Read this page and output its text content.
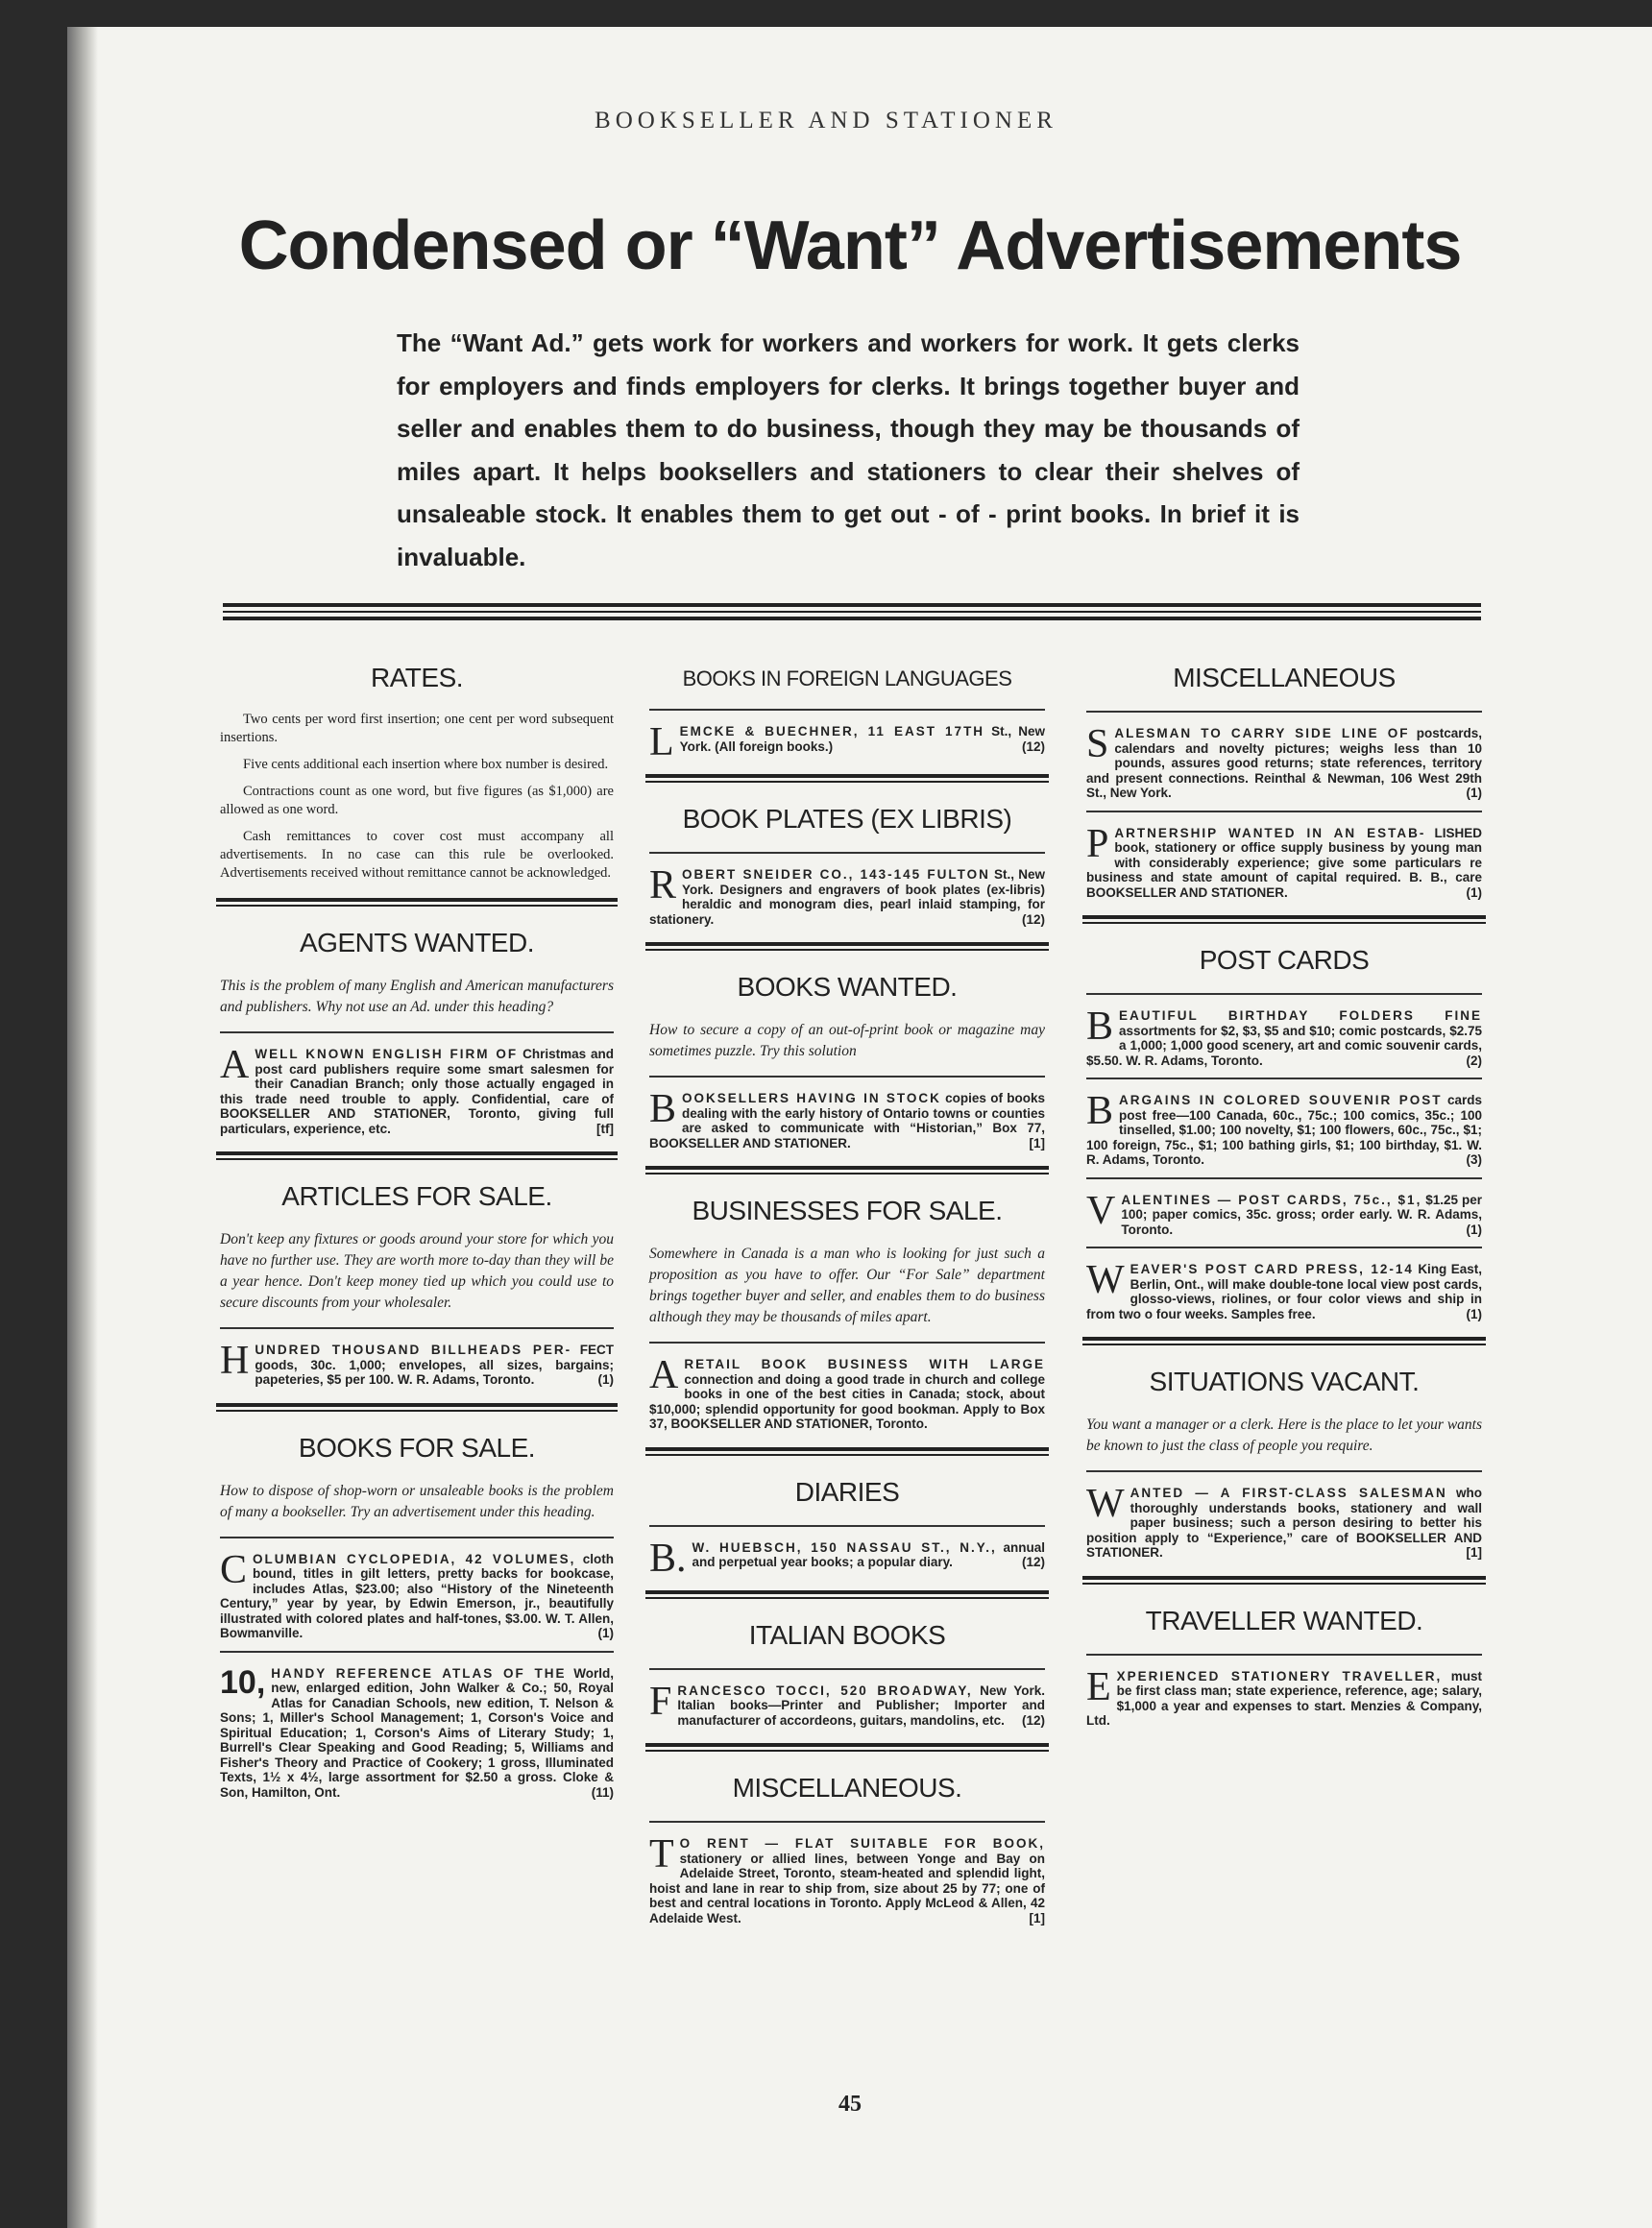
BOOKSELLER AND STATIONER
Condensed or “Want” Advertisements
The “Want Ad.” gets work for workers and workers for work. It gets clerks for employers and finds employers for clerks. It brings together buyer and seller and enables them to do business, though they may be thousands of miles apart. It helps booksellers and stationers to clear their shelves of unsaleable stock. It enables them to get out - of - print books. In brief it is invaluable.
RATES.

Two cents per word first insertion; one cent per word subsequent insertions.

Five cents additional each insertion where box number is desired.

Contractions count as one word, but five figures (as $1,000) are allowed as one word.

Cash remittances to cover cost must accompany all advertisements. In no case can this rule be overlooked. Advertisements received without remittance cannot be acknowledged.

AGENTS WANTED.

This is the problem of many English and American manufacturers and publishers. Why not use an Ad. under this heading?

AWELL KNOWN ENGLISH FIRM OF Christmas and post card publishers require some smart salesmen for their Canadian Branch; only those actually engaged in this trade need trouble to apply. Confidential, care of BOOKSELLER AND STATIONER, Toronto, giving full particulars, experience, etc.	[tf]
ARTICLES FOR SALE.

Don't keep any fixtures or goods around your store for which you have no further use. They are worth more to-day than they will be a year hence. Don't keep money tied up which you could use to secure discounts from your wholesaler.

HUNDRED THOUSAND BILLHEADS PER- FECT goods, 30c. 1,000; envelopes, all sizes, bargains; papeteries, $5 per 100. W. R. Adams, Toronto.	(1)
BOOKS FOR SALE.

How to dispose of shop-worn or unsaleable books is the problem of many a bookseller. Try an advertisement under this heading.

COLUMBIAN CYCLOPEDIA, 42 VOLUMES, cloth bound, titles in gilt letters, pretty backs for bookcase, includes Atlas, $23.00; also “History of the Nineteenth Century,” year by year, by Edwin Emerson, jr., beautifully illustrated with colored plates and half-tones, $3.00. W. T. Allen, Bowmanville.	(1)
10, HANDY REFERENCE ATLAS OF THE World, new, enlarged edition, John Walker & Co.; 50, Royal Atlas for Canadian Schools, new edition, T. Nelson & Sons; 1, Miller's School Management; 1, Corson's Voice and Spiritual Education; 1, Corson's Aims of Literary Study; 1, Burrell's Clear Speaking and Good Reading; 5, Williams and Fisher's Theory and Practice of Cookery; 1 gross, Illuminated Texts, 1½ x 4½, large assortment for $2.50 a gross. Cloke & Son, Hamilton, Ont.	(11)
BOOKS IN FOREIGN LANGUAGES
LEMCKE & BUECHNER, 11 EAST 17TH St., New York. (All foreign books.)	(12)
BOOK PLATES (EX LIBRIS)
ROBERT SNEIDER CO., 143-145 FULTON St., New York. Designers and engravers of book plates (ex-libris) heraldic and monogram dies, pearl inlaid stamping, for stationery.	(12)
BOOKS WANTED.

How to secure a copy of an out-of-print book or magazine may sometimes puzzle. Try this solution

BOOKSELLERS HAVING IN STOCK copies of books dealing with the early history of Ontario towns or counties are asked to communicate with “Historian,” Box 77, BOOKSELLER AND STATIONER.	[1]
BUSINESSES FOR SALE.

Somewhere in Canada is a man who is looking for just such a proposition as you have to offer. Our “For Sale” department brings together buyer and seller, and enables them to do business although they may be thousands of miles apart.

ARETAIL BOOK BUSINESS WITH LARGE connection and doing a good trade in church and college books in one of the best cities in Canada; stock, about $10,000; splendid opportunity for good bookman. Apply to Box 37, BOOKSELLER AND STATIONER, Toronto.
DIARIES
B. W. HUEBSCH, 150 NASSAU ST., N.Y., annual and perpetual year books; a popular diary.	(12)
ITALIAN BOOKS
FRANCESCO TOCCI, 520 BROADWAY, New York. Italian books—Printer and Publisher; Importer and manufacturer of accordeons, guitars, mandolins, etc. (12)
MISCELLANEOUS.
T O RENT — FLAT SUITABLE FOR BOOK, stationery or allied lines, between Yonge and Bay on Adelaide Street, Toronto, steam-heated and splendid light, hoist and lane in rear to ship from, size about 25 by 77; one of best and central locations in Toronto. Apply McLeod & Allen, 42 Adelaide West.	[1]
MISCELLANEOUS
SALESMAN TO CARRY SIDE LINE OF postcards, calendars and novelty pictures; weighs less than 10 pounds, assures good returns; state references, territory and present connections. Reinthal & Newman, 106 West 29th St., New York.	(1)
PARTNERSHIP WANTED IN AN ESTAB- LISHED book, stationery or office supply business by young man with considerably experience; give some particulars re business and state amount of capital required. B. B., care BOOKSELLER AND STATIONER.	(1)
POST CARDS
BEAUTIFUL BIRTHDAY FOLDERS FINE assortments for $2, $3, $5 and $10; comic postcards, $2.75 a 1,000; 1,000 good scenery, art and comic souvenir cards, $5.50. W. R. Adams, Toronto.	(2)
BARGAINS IN COLORED SOUVENIR POST cards post free—100 Canada, 60c., 75c.; 100 comics, 35c.; 100 tinselled, $1.00; 100 novelty, $1; 100 flowers, 60c., 75c., $1; 100 foreign, 75c., $1; 100 bathing girls, $1; 100 birthday, $1. W. R. Adams, Toronto.	(3)
VALENTINES — POST CARDS, 75c., $1, $1.25 per 100; paper comics, 35c. gross; order early. W. R. Adams, Toronto.	(1)
WEAVER'S POST CARD PRESS, 12-14 King East, Berlin, Ont., will make double-tone local view post cards, glosso-views, riolines, or four color views and ship in from two o four weeks. Samples free.	(1)
SITUATIONS VACANT.

You want a manager or a clerk. Here is the place to let your wants be known to just the class of people you require.

WANTED — A FIRST-CLASS SALESMAN who thoroughly understands books, stationery and wall paper business; such a person desiring to better his position apply to “Experience,” care of BOOKSELLER AND STATIONER.	[1]
TRAVELLER WANTED.
EXPERIENCED STATIONERY TRAVELLER, must be first class man; state experience, reference, age; salary, $1,000 a year and expenses to start. Menzies & Company, Ltd.
45
